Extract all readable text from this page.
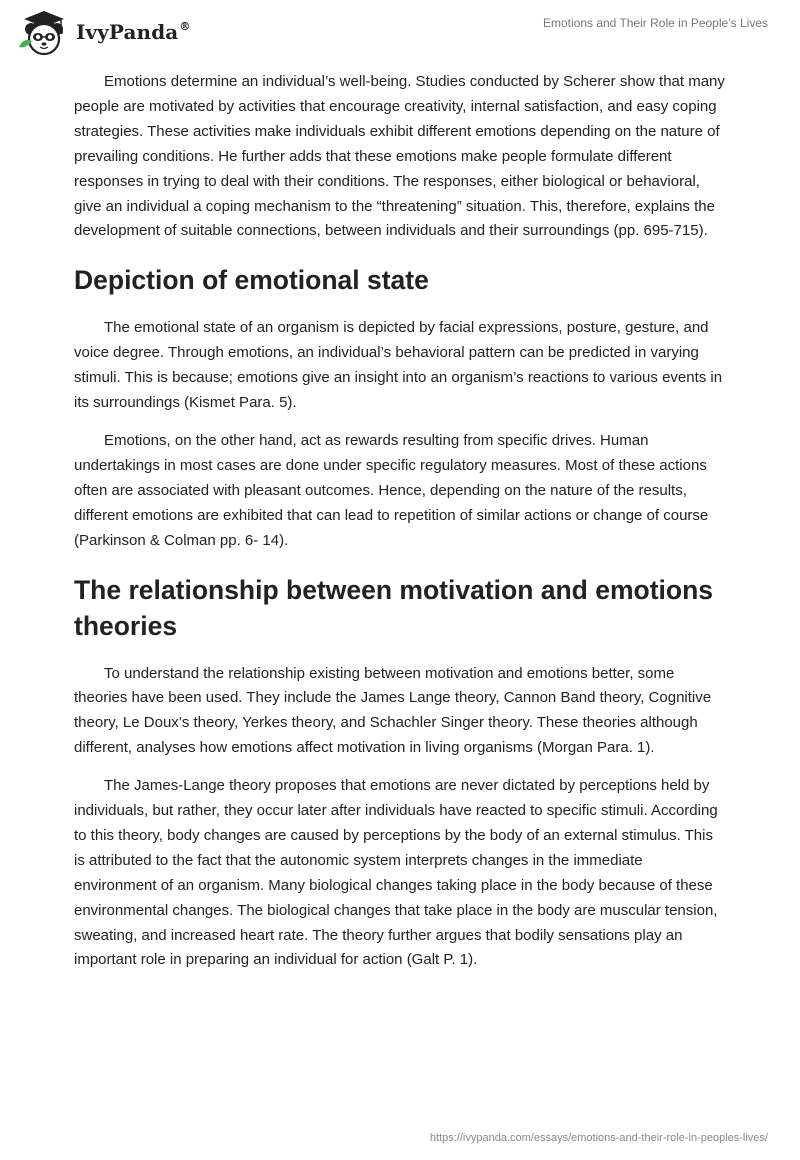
IvyPanda®	Emotions and Their Role in People’s Lives

Emotions determine an individual’s well-being. Studies conducted by Scherer show that many people are motivated by activities that encourage creativity, internal satisfaction, and easy coping strategies. These activities make individuals exhibit different emotions depending on the nature of prevailing conditions. He further adds that these emotions make people formulate different responses in trying to deal with their conditions. The responses, either biological or behavioral, give an individual a coping mechanism to the “threatening” situation. This, therefore, explains the development of suitable connections, between individuals and their surroundings (pp. 695-715).

Depiction of emotional state

The emotional state of an organism is depicted by facial expressions, posture, gesture, and voice degree. Through emotions, an individual’s behavioral pattern can be predicted in varying stimuli. This is because; emotions give an insight into an organism’s reactions to various events in its surroundings (Kismet Para. 5).

Emotions, on the other hand, act as rewards resulting from specific drives. Human undertakings in most cases are done under specific regulatory measures. Most of these actions often are associated with pleasant outcomes. Hence, depending on the nature of the results, different emotions are exhibited that can lead to repetition of similar actions or change of course (Parkinson & Colman pp. 6- 14).

The relationship between motivation and emotions theories

To understand the relationship existing between motivation and emotions better, some theories have been used. They include the James Lange theory, Cannon Band theory, Cognitive theory, Le Doux’s theory, Yerkes theory, and Schachler Singer theory. These theories although different, analyses how emotions affect motivation in living organisms (Morgan Para. 1).

The James-Lange theory proposes that emotions are never dictated by perceptions held by individuals, but rather, they occur later after individuals have reacted to specific stimuli. According to this theory, body changes are caused by perceptions by the body of an external stimulus. This is attributed to the fact that the autonomic system interprets changes in the immediate environment of an organism. Many biological changes taking place in the body because of these environmental changes. The biological changes that take place in the body are muscular tension, sweating, and increased heart rate. The theory further argues that bodily sensations play an important role in preparing an individual for action (Galt P. 1).

https://ivypanda.com/essays/emotions-and-their-role-in-peoples-lives/
